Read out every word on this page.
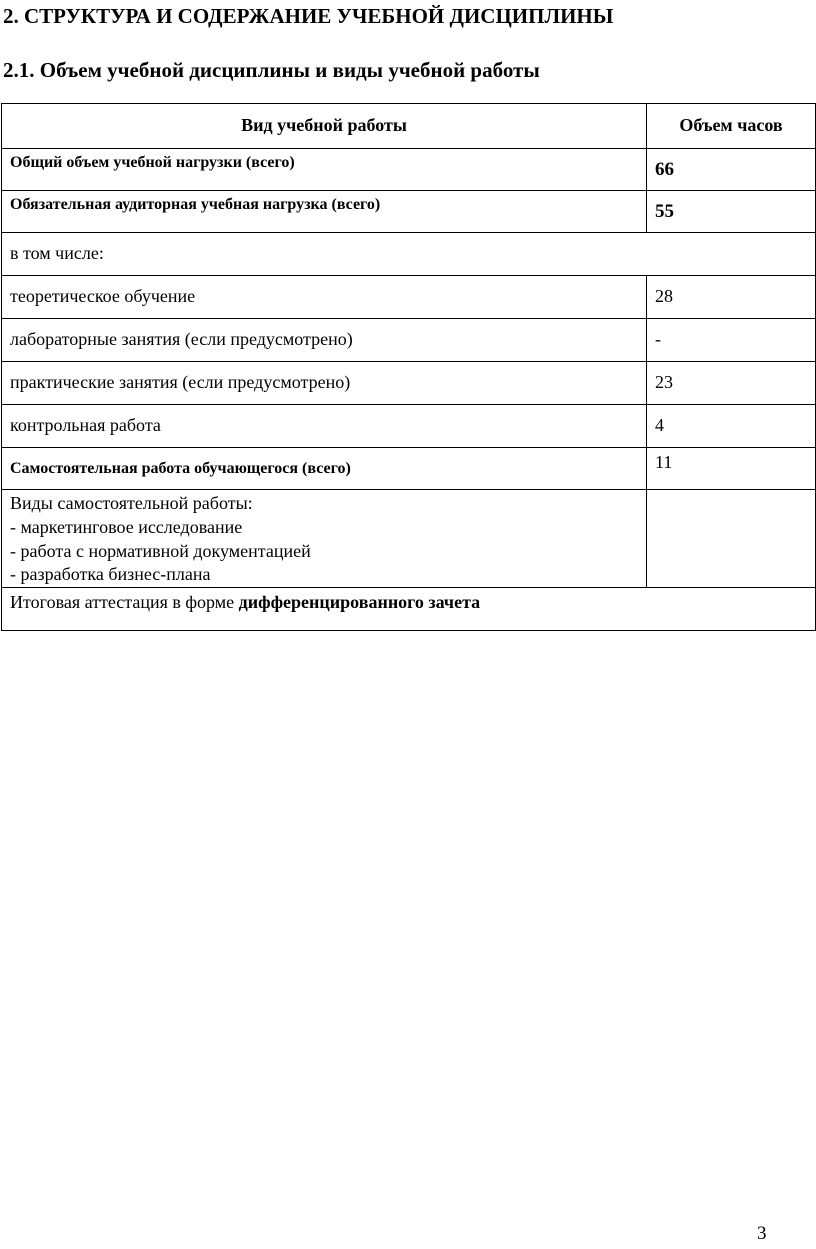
2. СТРУКТУРА И СОДЕРЖАНИЕ УЧЕБНОЙ ДИСЦИПЛИНЫ
2.1. Объем учебной дисциплины и виды учебной работы
Вид учебной работы	Объем часов
Общий объем учебной нагрузки (всего)	66
Обязательная аудиторная учебная нагрузка (всего)	55
в том числе:	
теоретическое обучение	28
лабораторные занятия (если предусмотрено)	-
практические занятия (если предусмотрено)	23
контрольная работа	4
Самостоятельная работа обучающегося (всего)	11

Виды самостоятельной работы:
- маркетинговое исследование
- работа с нормативной документацией
- разработка бизнес-плана	

Итоговая аттестация в форме дифференцированного зачета	
3
